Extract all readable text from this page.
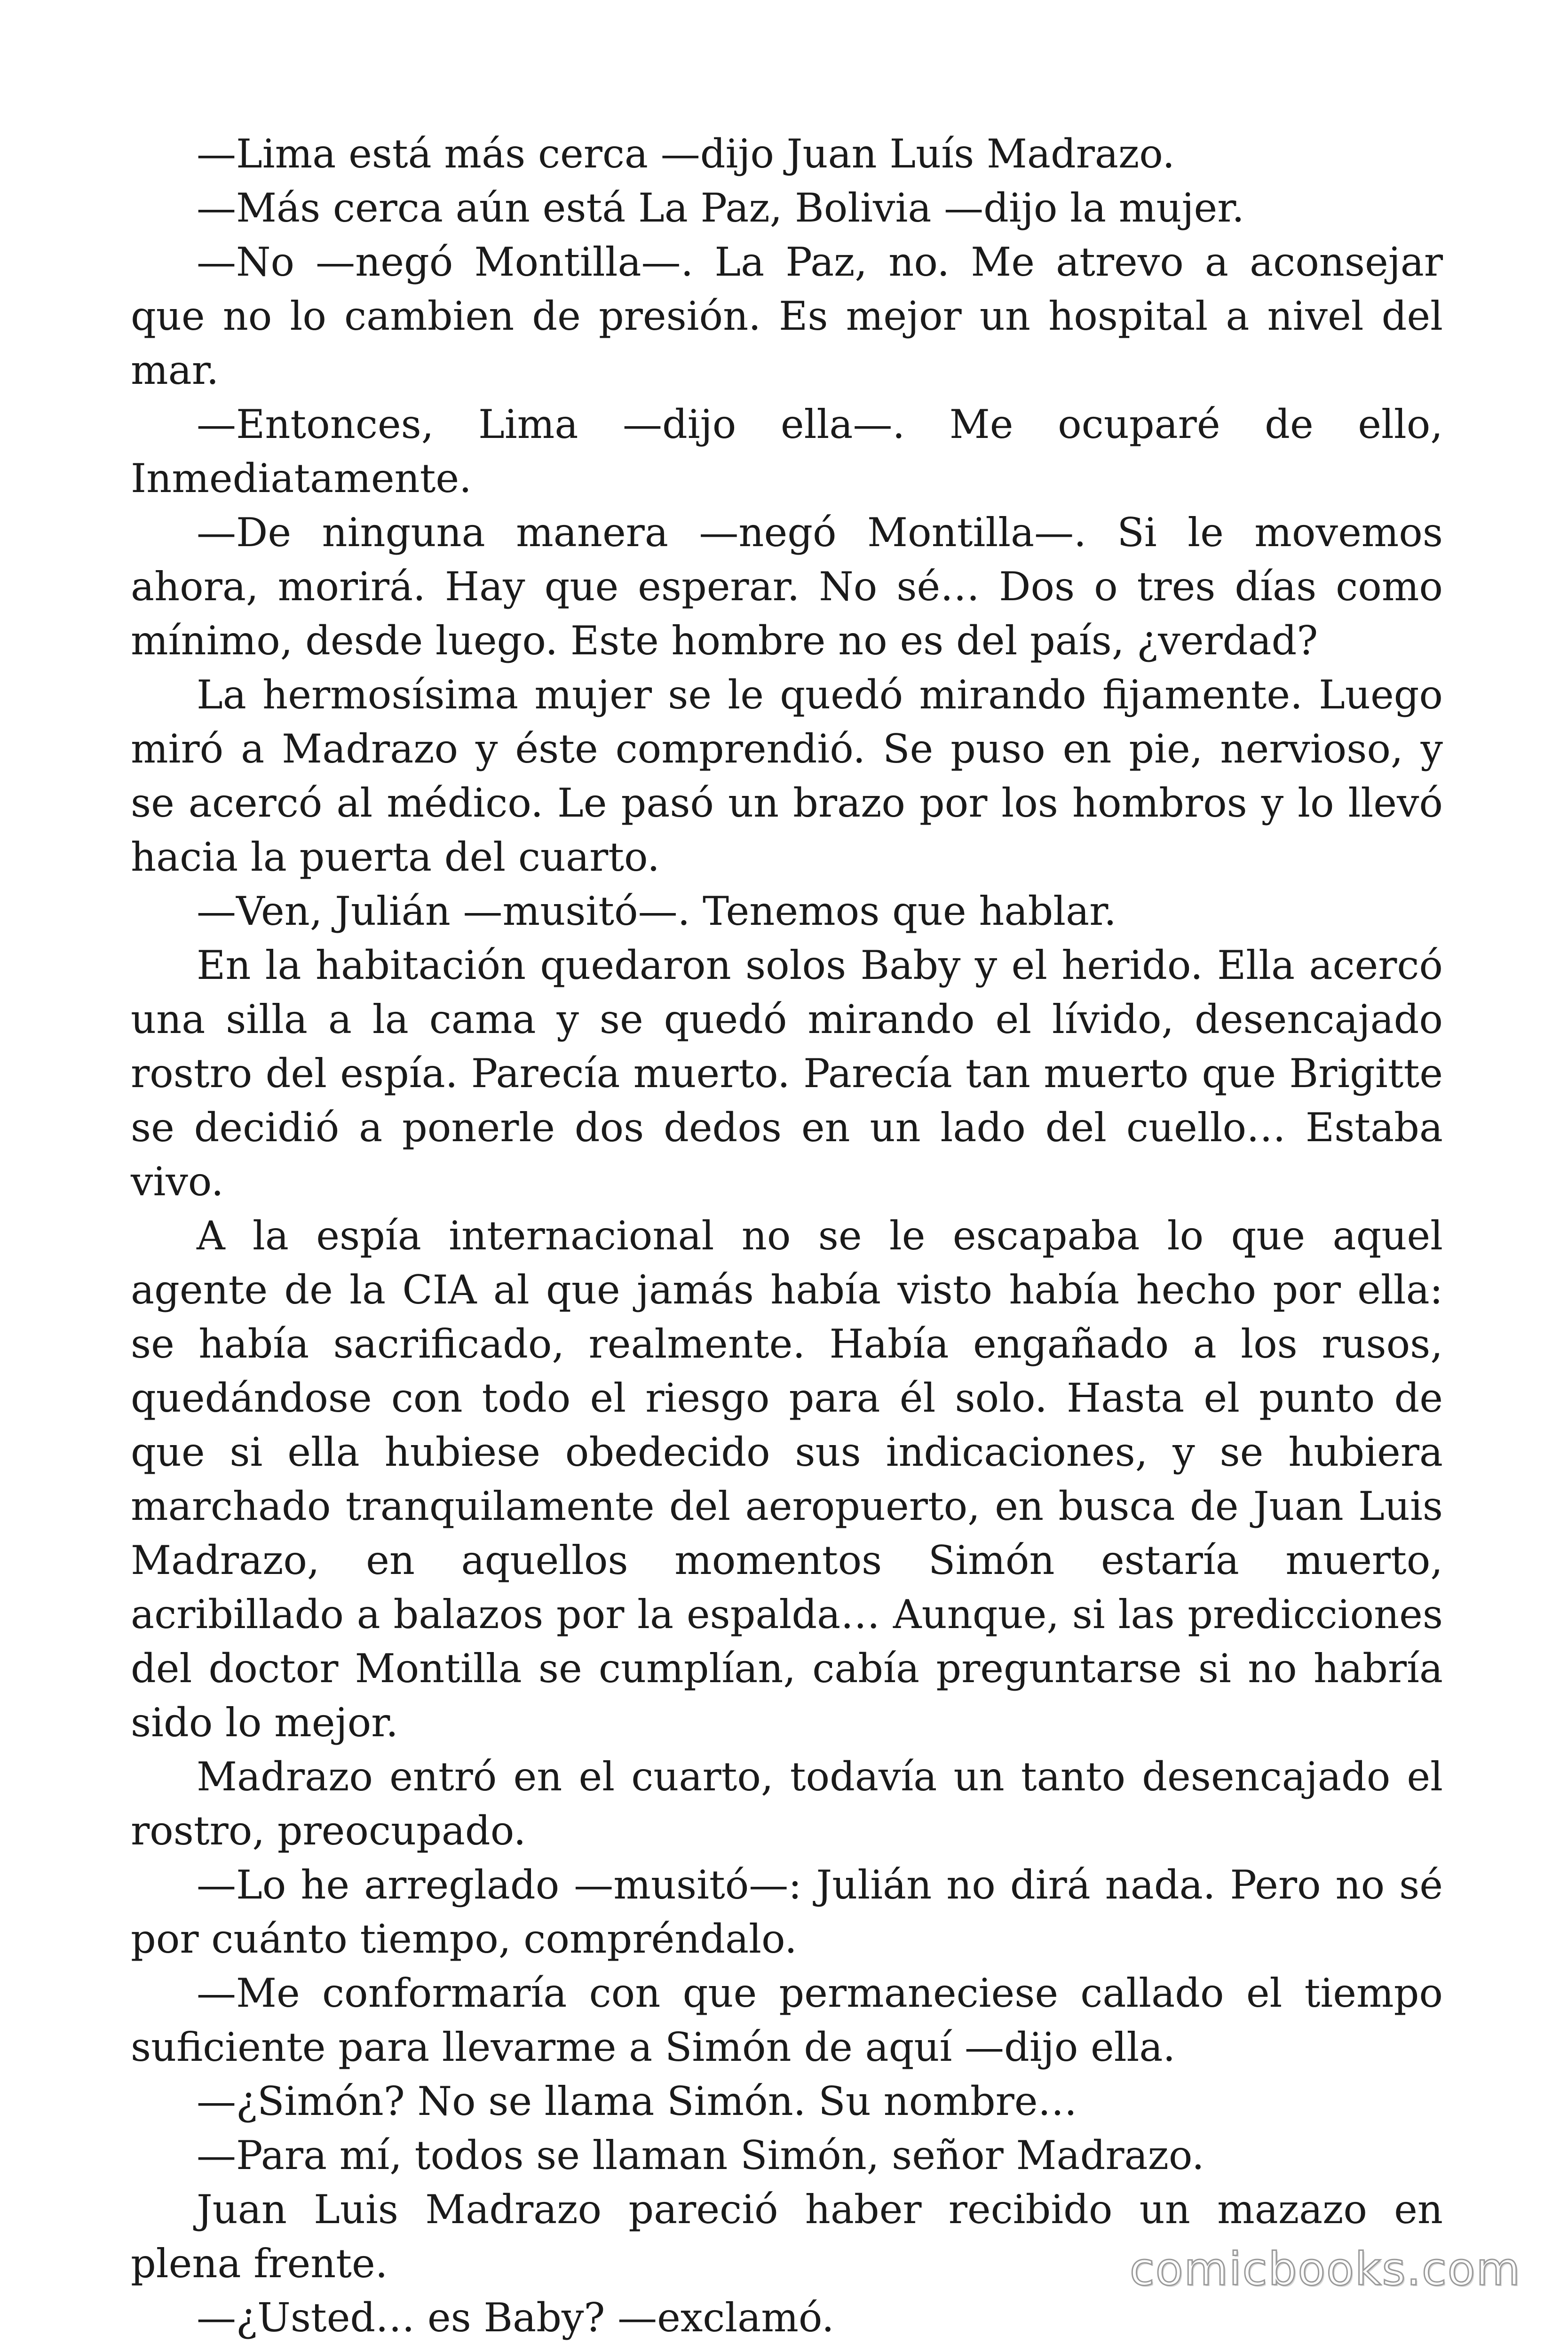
—Lima está más cerca —dijo Juan Luís Madrazo.

—Más cerca aún está La Paz, Bolivia —dijo la mujer.

—No —negó Montilla—. La Paz, no. Me atrevo a aconsejar que no lo cambien de presión. Es mejor un hospital a nivel del mar.

—Entonces, Lima —dijo ella—. Me ocuparé de ello, Inmediatamente.

—De ninguna manera —negó Montilla—. Si le movemos ahora, morirá. Hay que esperar. No sé… Dos o tres días como mínimo, desde luego. Este hombre no es del país, ¿verdad?

La hermosísima mujer se le quedó mirando fijamente. Luego miró a Madrazo y éste comprendió. Se puso en pie, nervioso, y se acercó al médico. Le pasó un brazo por los hombros y lo llevó hacia la puerta del cuarto.

—Ven, Julián —musitó—. Tenemos que hablar.

En la habitación quedaron solos Baby y el herido. Ella acercó una silla a la cama y se quedó mirando el lívido, desencajado rostro del espía. Parecía muerto. Parecía tan muerto que Brigitte se decidió a ponerle dos dedos en un lado del cuello… Estaba vivo.

A la espía internacional no se le escapaba lo que aquel agente de la CIA al que jamás había visto había hecho por ella: se había sacrificado, realmente. Había engañado a los rusos, quedándose con todo el riesgo para él solo. Hasta el punto de que si ella hubiese obedecido sus indicaciones, y se hubiera marchado tranquilamente del aeropuerto, en busca de Juan Luis Madrazo, en aquellos momentos Simón estaría muerto, acribillado a balazos por la espalda… Aunque, si las predicciones del doctor Montilla se cumplían, cabía preguntarse si no habría sido lo mejor.

Madrazo entró en el cuarto, todavía un tanto desencajado el rostro, preocupado.

—Lo he arreglado —musitó—: Julián no dirá nada. Pero no sé por cuánto tiempo, compréndalo.

—Me conformaría con que permaneciese callado el tiempo suficiente para llevarme a Simón de aquí —dijo ella.

—¿Simón? No se llama Simón. Su nombre…

—Para mí, todos se llaman Simón, señor Madrazo.

Juan Luis Madrazo pareció haber recibido un mazazo en plena frente.

—¿Usted… es Baby? —exclamó.

comicbooks.com
